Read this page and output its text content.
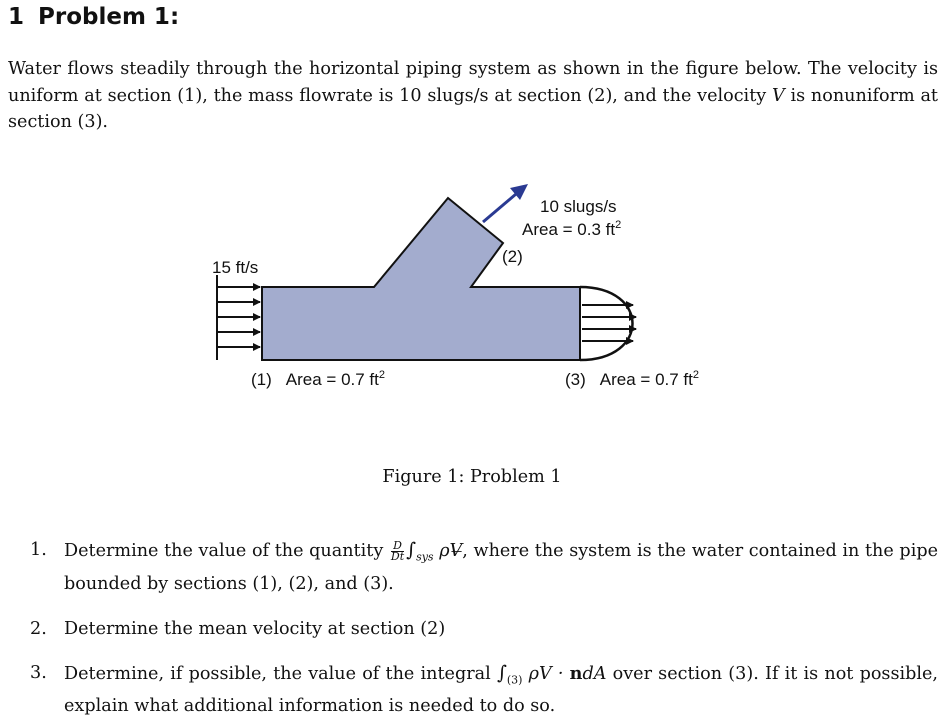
1 Problem 1:
Water flows steadily through the horizontal piping system as shown in the figure below. The velocity is uniform at section (1), the mass flowrate is 10 slugs/s at section (2), and the velocity V is nonuniform at section (3).
15 ft/s
10 slugs/s
Area = 0.3 $ft^2$
(2)
(1) Area = 0.7 $ft^2$	(3) Area = 0.7 $ft^2$
Figure 1: Problem 1
1. Determine the value of the quantity $\frac{D}{Dt} \int_{sys}$ ρV̶, where the system is the water contained in the pipe bounded by sections (1), (2), and (3).
2. Determine the mean velocity at section (2)
3. Determine, if possible, the value of the integral $\int_{(3)}$ ρV · ndA over section (3). If it is not possible, explain what additional information is needed to do so.
